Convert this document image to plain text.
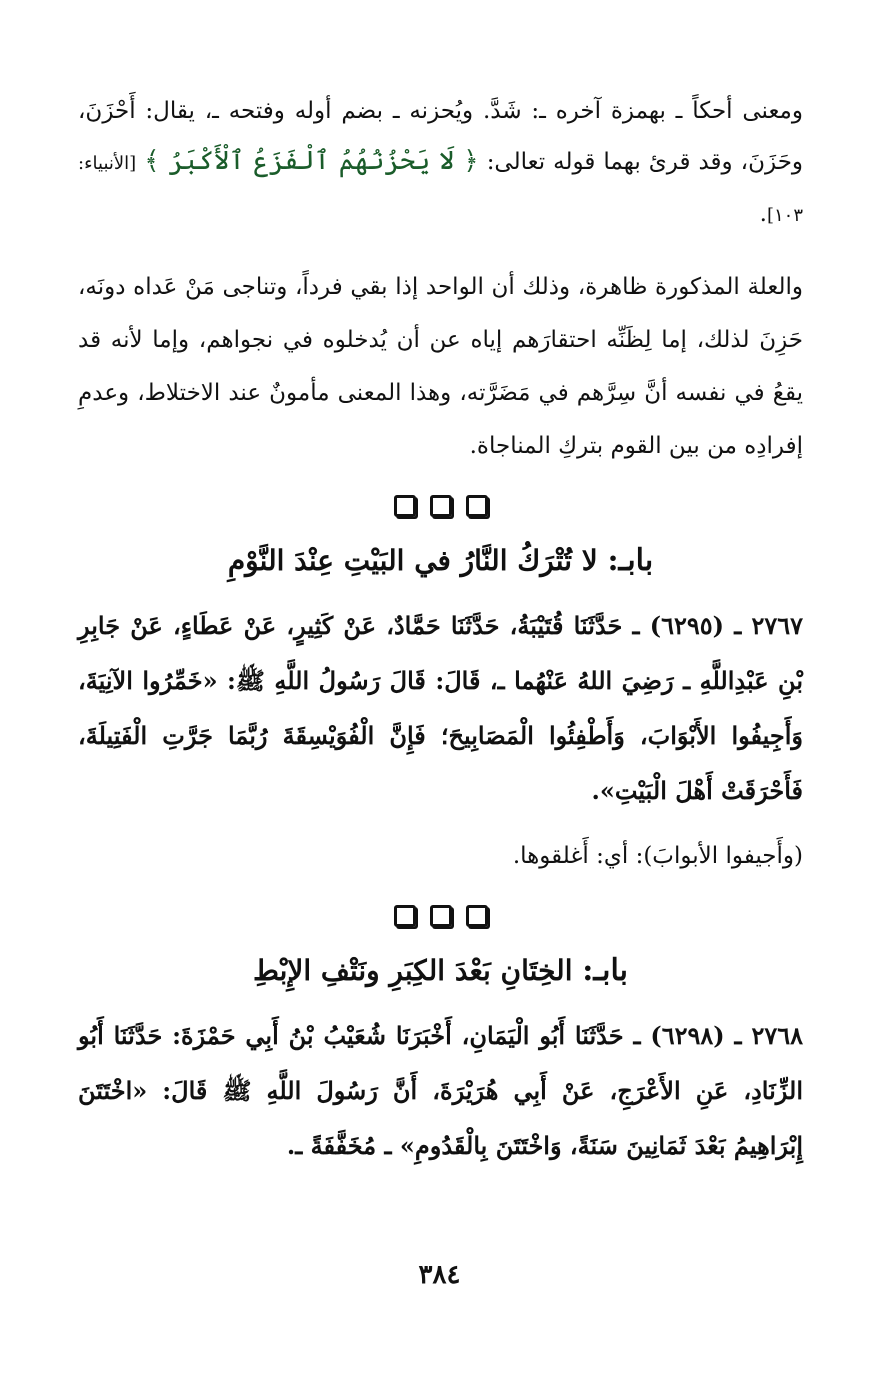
ومعنى أحكاً ـ بهمزة آخره ـ: شَدَّ. ويُحزنه ـ بضم أوله وفتحه ـ، يقال: أَحْزَنَ، وحَزَنَ، وقد قرئ بهما قوله تعالى: ﴿ لَا يَحْزُنُهُمُ ٱلْفَزَعُ ٱلْأَكْبَرُ ﴾ [الأنبياء: ١٠٣].

والعلة المذكورة ظاهرة، وذلك أن الواحد إذا بقي فرداً، وتناجى مَنْ عَداه دونَه، حَزِنَ لذلك، إما لِظَنِّه احتقارَهم إياه عن أن يُدخلوه في نجواهم، وإما لأنه قد يقعُ في نفسه أنَّ سِرَّهم في مَضَرَّته، وهذا المعنى مأمونٌ عند الاختلاط، وعدمِ إفرادِه من بين القوم بتركِ المناجاة.

بابـ: لا تُتْرَكُ النَّارُ في البَيْتِ عِنْدَ النَّوْمِ

٢٧٦٧ ـ (٦٢٩٥) ـ حَدَّثَنَا قُتَيْبَةُ، حَدَّثَنَا حَمَّادٌ، عَنْ كَثِيرٍ، عَنْ عَطَاءٍ، عَنْ جَابِرِ بْنِ عَبْدِاللَّهِ ـ رَضِيَ اللهُ عَنْهُما ـ، قَالَ: قَالَ رَسُولُ اللَّهِ ﷺ: «خَمِّرُوا الآنِيَةَ، وَأَجِيفُوا الأَبْوَابَ، وَأَطْفِئُوا الْمَصَابِيحَ؛ فَإِنَّ الْفُوَيْسِقَةَ رُبَّمَا جَرَّتِ الْفَتِيلَةَ، فَأَحْرَقَتْ أَهْلَ الْبَيْتِ».

(وأَجيفوا الأبوابَ): أي: أَغلقوها.

بابـ: الخِتَانِ بَعْدَ الكِبَرِ ونَتْفِ الإِبْطِ

٢٧٦٨ ـ (٦٢٩٨) ـ حَدَّثَنَا أَبُو الْيَمَانِ، أَخْبَرَنَا شُعَيْبُ بْنُ أَبِي حَمْزَةَ: حَدَّثَنَا أَبُو الزِّنَادِ، عَنِ الأَعْرَجِ، عَنْ أَبِي هُرَيْرَةَ، أَنَّ رَسُولَ اللَّهِ ﷺ قَالَ: «اخْتَتَنَ إِبْرَاهِيمُ بَعْدَ ثَمَانِينَ سَنَةً، وَاخْتَتَنَ بِالْقَدُومِ» ـ مُخَفَّفَةً ـ.

٣٨٤
